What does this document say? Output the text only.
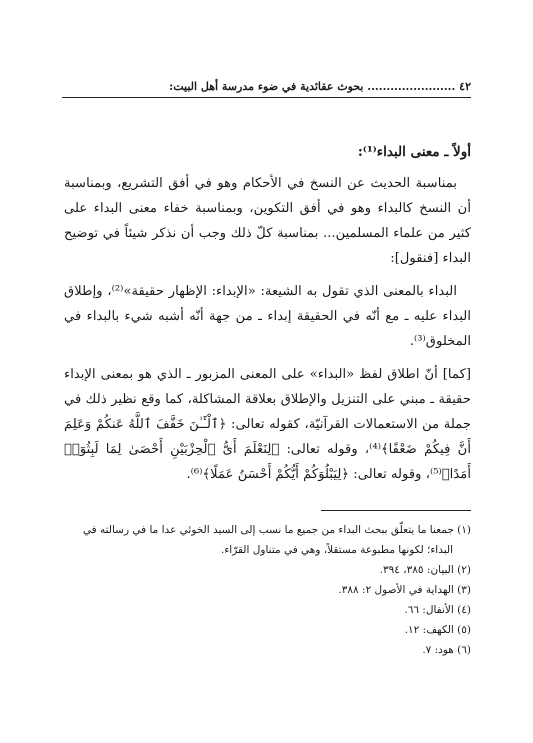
٤٢ ....................... بحوث عقائدية في ضوء مدرسة أهل البيت:

أولاً ـ معنى البداء⁽¹⁾:

بمناسبة الحديث عن النسخ في الأحكام وهو في أفق التشريع، وبمناسبة أن النسخ كالبداء وهو في أفق التكوين، وبمناسبة خفاء معنى البداء على كثير من علماء المسلمين... بمناسبة كلّ ذلك وجب أن نذكر شيئاً في توضيح البداء [فنقول]:

البداء بالمعنى الذي تقول به الشيعة: «الإبداء: الإظهار حقيقة»⁽²⁾، وإطلاق البداء عليه ـ مع أنّه في الحقيقة إبداء ـ من جهة أنّه أشبه شيء بالبداء في المخلوق⁽³⁾.

[كما] أنّ اطلاق لفظ «البداء» على المعنى المزبور ـ الذي هو بمعنى الإبداء حقيقة ـ مبني على التنزيل والإطلاق بعلاقة المشاكلة، كما وقع نظير ذلك في جملة من الاستعمالات القرآنيّة، كقوله تعالى: ﴿ٱلْـَٔـٰنَ خَفَّفَ ٱللَّهُ عَنكُمْ وَعَلِمَ أَنَّ فِيكُمْ ضَعْفًا﴾⁽⁴⁾، وقوله تعالى: ﴿لِنَعْلَمَ أَىُّ ٱلْحِزْبَيْنِ أَحْصَىٰ لِمَا لَبِثُوٓا۟ أَمَدًا﴾⁽⁵⁾، وقوله تعالى: ﴿لِيَبْلُوَكُمْ أَيُّكُمْ أَحْسَنُ عَمَلًا﴾⁽⁶⁾.

(١) جمعنا ما يتعلّق ببحث البداء من جميع ما نسب إلى السيد الخوئي عدا ما في رسالته في

البداء؛ لكونها مطبوعة مستقلاً، وهي في متناول القرّاء.

(٢) البيان: ٣٨٥، ٣٩٤.

(٣) الهداية في الأصول ٢: ٣٨٨.

(٤) الأنفال: ٦٦.

(٥) الكهف: ١٢.

(٦) هود: ٧.
